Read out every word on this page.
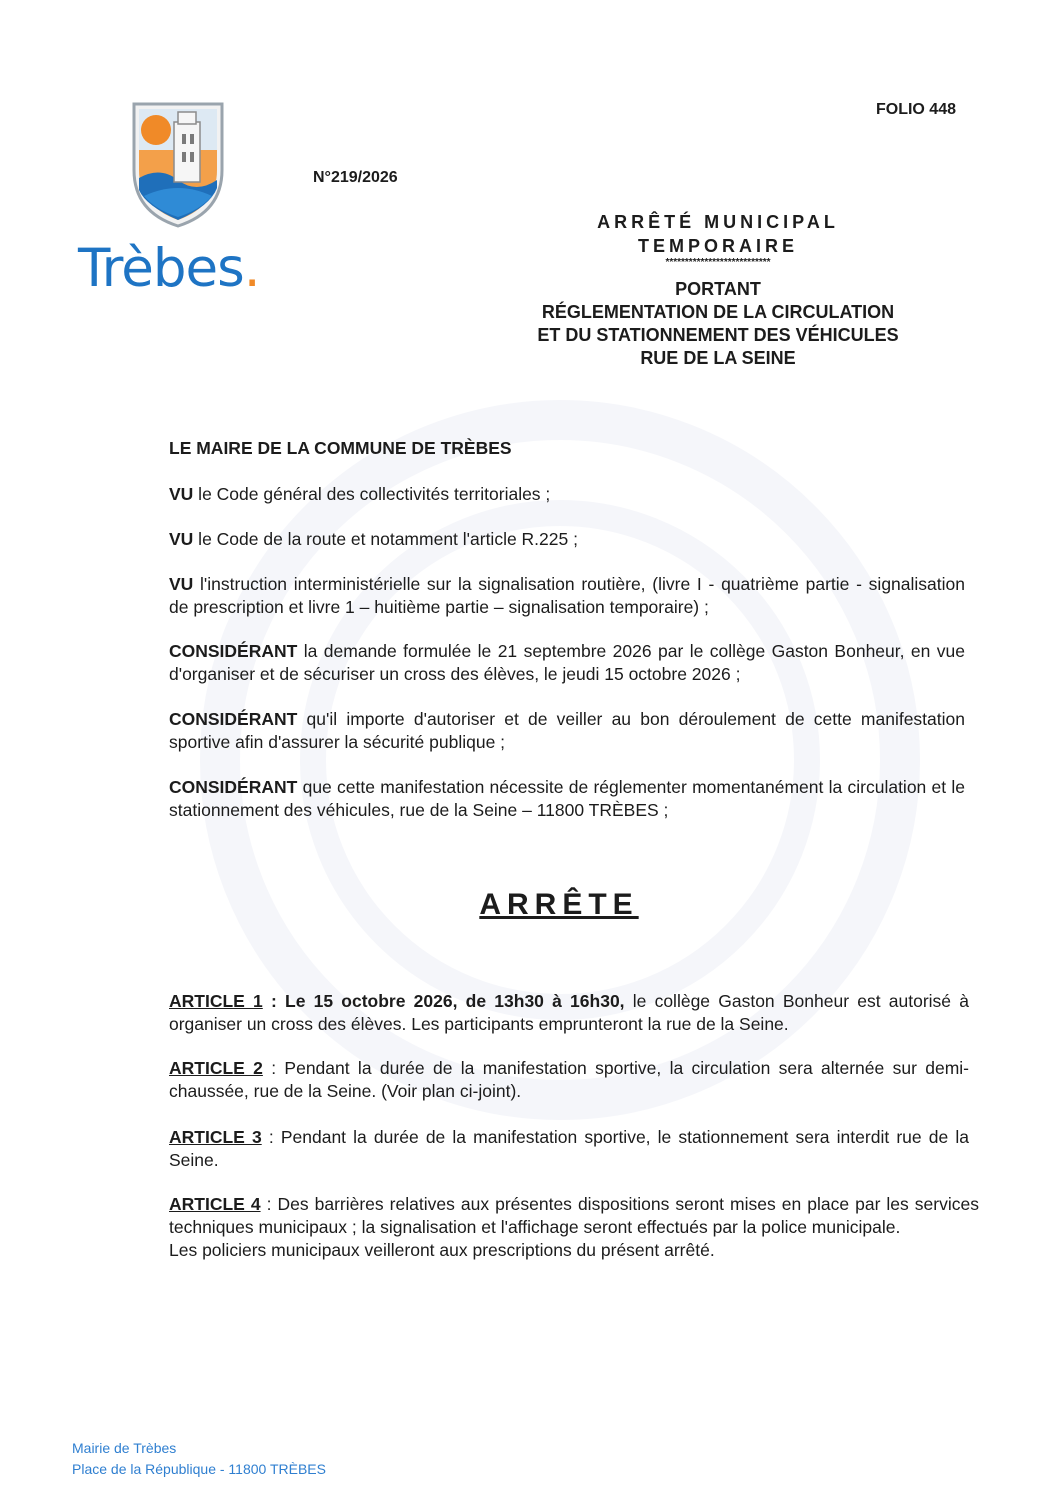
Trèbes.
FOLIO 448
N°219/2026
ARRÊTÉ MUNICIPAL
TEMPORAIRE
***************************
PORTANT
RÉGLEMENTATION DE LA CIRCULATION
ET DU STATIONNEMENT DES VÉHICULES
RUE DE LA SEINE
LE MAIRE DE LA COMMUNE DE TRÈBES
VU le Code général des collectivités territoriales ;
VU le Code de la route et notamment l'article R.225 ;
VU l'instruction interministérielle sur la signalisation routière, (livre I - quatrième partie - signalisation de prescription et livre 1 – huitième partie – signalisation temporaire) ;
CONSIDÉRANT la demande formulée le 21 septembre 2026 par le collège Gaston Bonheur, en vue d'organiser et de sécuriser un cross des élèves, le jeudi 15 octobre 2026 ;
CONSIDÉRANT qu'il importe d'autoriser et de veiller au bon déroulement de cette manifestation sportive afin d'assurer la sécurité publique ;
CONSIDÉRANT que cette manifestation nécessite de réglementer momentanément la circulation et le stationnement des véhicules, rue de la Seine – 11800 TRÈBES ;
ARRÊTE
ARTICLE 1 : Le 15 octobre 2026, de 13h30 à 16h30, le collège Gaston Bonheur est autorisé à organiser un cross des élèves. Les participants emprunteront la rue de la Seine.
ARTICLE 2 : Pendant la durée de la manifestation sportive, la circulation sera alternée sur demi-chaussée, rue de la Seine. (Voir plan ci-joint).
ARTICLE 3 : Pendant la durée de la manifestation sportive, le stationnement sera interdit rue de la Seine.
ARTICLE 4 : Des barrières relatives aux présentes dispositions seront mises en place par les services techniques municipaux ; la signalisation et l'affichage seront effectués par la police municipale.
Les policiers municipaux veilleront aux prescriptions du présent arrêté.
Mairie de Trèbes
Place de la République - 11800 TRÈBES
